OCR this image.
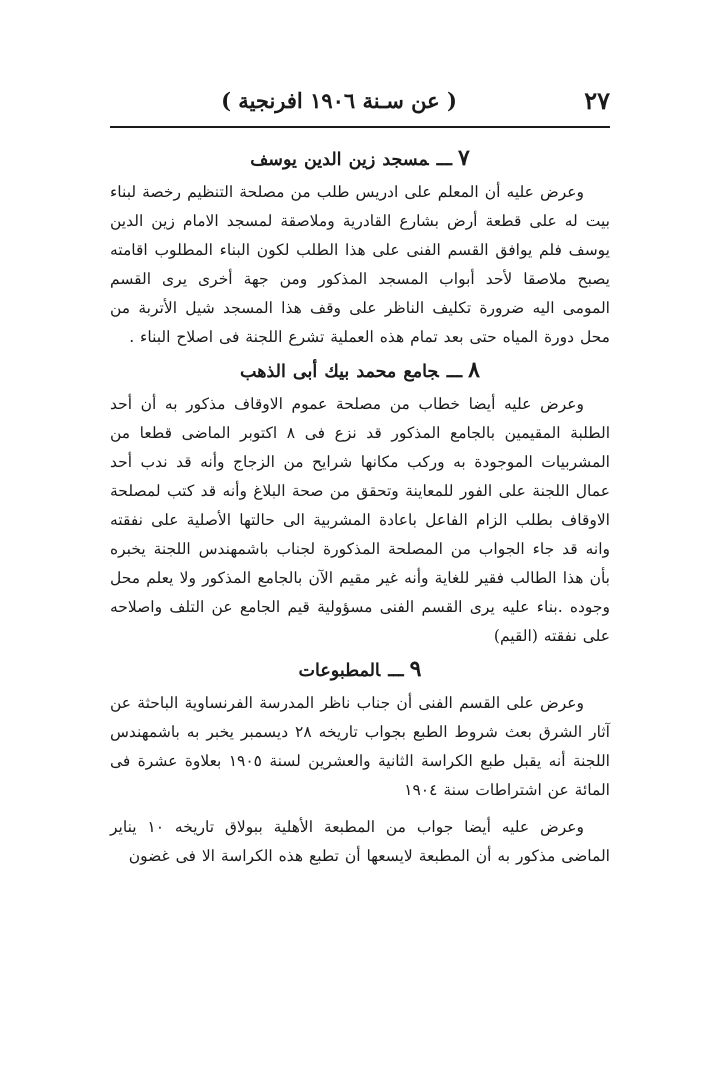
٢٧
( عن سـنة ١٩٠٦ افرنجية )
٧ـــمسجد زين الدين يوسف

وعرض عليه أن المعلم على ادريس طلب من مصلحة التنظيم رخصة لبناء بيت له على قطعة أرض بشارع القادرية وملاصقة لمسجد الامام زين الدين يوسف فلم يوافق القسم الفنى على هذا الطلب لكون البناء المطلوب اقامته يصبح ملاصقا لأحد أبواب المسجد المذكور ومن جهة أخرى يرى القسم المومى اليه ضرورة تكليف الناظر على وقف هذا المسجد شيل الأتربة من محل دورة المياه حتى بعد تمام هذه العملية تشرع اللجنة فى اصلاح البناء .

٨ـــجامع محمد بيك أبى الذهب

وعرض عليه أيضا خطاب من مصلحة عموم الاوقاف مذكور به أن أحد الطلبة المقيمين بالجامع المذكور قد نزع فى ٨ اكتوبر الماضى قطعا من المشربيات الموجودة به وركب مكانها شرايح من الزجاج وأنه قد ندب أحد عمال اللجنة على الفور للمعاينة وتحقق من صحة البلاغ وأنه قد كتب لمصلحة الاوقاف بطلب الزام الفاعل باعادة المشربية الى حالتها الأصلية على نفقته وانه قد جاء الجواب من المصلحة المذكورة لجناب باشمهندس اللجنة يخبره بأن هذا الطالب فقير للغاية وأنه غير مقيم الآن بالجامع المذكور ولا يعلم محل وجوده .بناء عليه يرى القسم الفنى مسؤولية قيم الجامع عن التلف واصلاحه على نفقته (القيم)

٩ـــالمطبوعات

وعرض على القسم الفنى أن جناب ناظر المدرسة الفرنساوية الباحثة عن آثار الشرق بعث شروط الطبع بجواب تاريخه ٢٨ ديسمبر يخبر به باشمهندس اللجنة أنه يقبل طبع الكراسة الثانية والعشرين لسنة ١٩٠٥ بعلاوة عشرة فى المائة عن اشتراطات سنة ١٩٠٤

وعرض عليه أيضا جواب من المطبعة الأهلية ببولاق تاريخه ١٠ يناير الماضى مذكور به أن المطبعة لايسعها أن تطبع هذه الكراسة الا فى غضون
